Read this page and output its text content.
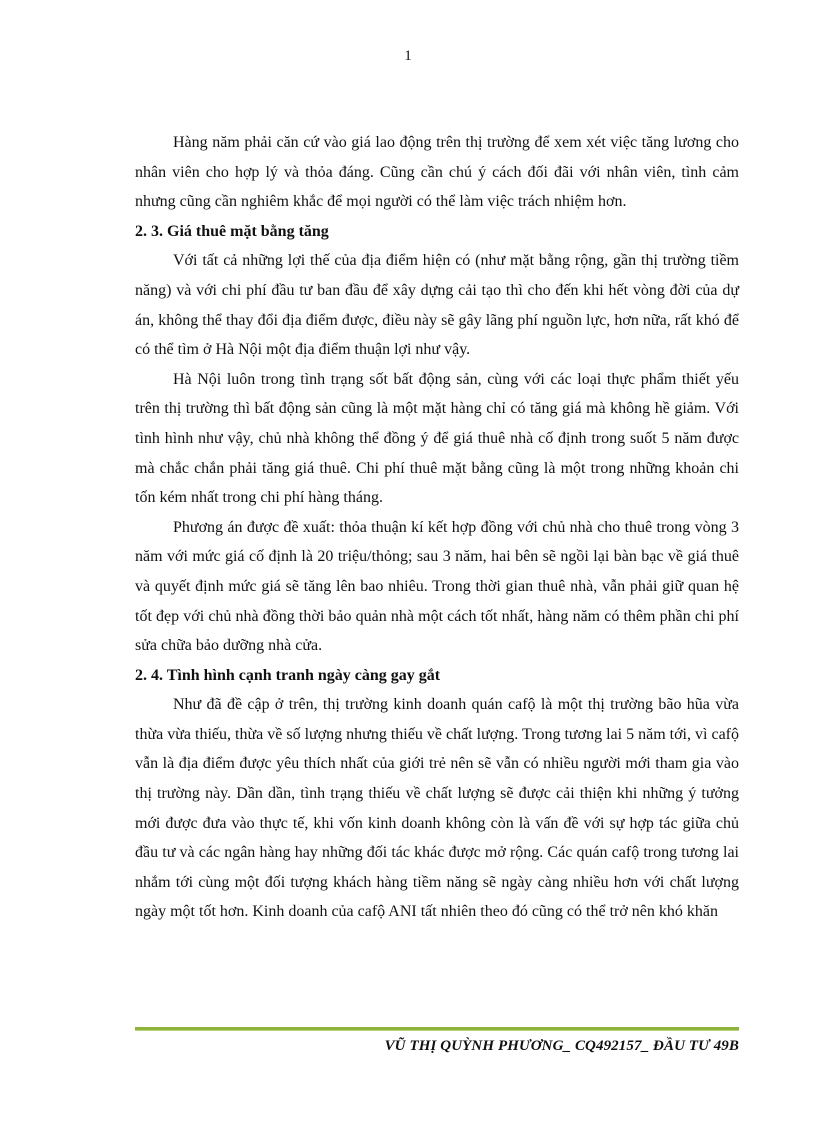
1

Hàng năm phải căn cứ vào giá lao động trên thị trường để xem xét việc tăng lương cho nhân viên cho hợp lý và thỏa đáng. Cũng cần chú ý cách đối đãi với nhân viên, tình cảm nhưng cũng cần nghiêm khắc để mọi người có thể làm việc trách nhiệm hơn.

2. 3. Giá thuê mặt bằng tăng

Với tất cả những lợi thế của địa điểm hiện có (như mặt bằng rộng, gần thị trường tiềm năng) và với chi phí đầu tư ban đầu để xây dựng cải tạo thì cho đến khi hết vòng đời của dự án, không thể thay đổi địa điểm được, điều này sẽ gây lãng phí nguồn lực, hơn nữa, rất khó để có thể tìm ở Hà Nội một địa điểm thuận lợi như vậy.

Hà Nội luôn trong tình trạng sốt bất động sản, cùng với các loại thực phẩm thiết yếu trên thị trường thì bất động sản cũng là một mặt hàng chỉ có tăng giá mà không hề giảm. Với tình hình như vậy, chủ nhà không thể đồng ý để giá thuê nhà cố định trong suốt 5 năm được mà chắc chắn phải tăng giá thuê. Chi phí thuê mặt bằng cũng là một trong những khoản chi tốn kém nhất trong chi phí hàng tháng.

Phương án được đề xuất: thỏa thuận kí kết hợp đồng với chủ nhà cho thuê trong vòng 3 năm với mức giá cố định là 20 triệu/thỏng; sau 3 năm, hai bên sẽ ngồi lại bàn bạc về giá thuê và quyết định mức giá sẽ tăng lên bao nhiêu. Trong thời gian thuê nhà, vẫn phải giữ quan hệ tốt đẹp với chủ nhà đồng thời bảo quản nhà một cách tốt nhất, hàng năm có thêm phần chi phí sửa chữa bảo dưỡng nhà cửa.

2. 4. Tình hình cạnh tranh ngày càng gay gắt

Như đã đề cập ở trên, thị trường kinh doanh quán cafộ là một thị trường bão hũa vừa thừa vừa thiếu, thừa về số lượng nhưng thiếu về chất lượng. Trong tương lai 5 năm tới, vì cafộ vẫn là địa điểm được yêu thích nhất của giới trẻ nên sẽ vẫn có nhiều người mới tham gia vào thị trường này. Dần dần, tình trạng thiếu về chất lượng sẽ được cải thiện khi những ý tưởng mới được đưa vào thực tế, khi vốn kinh doanh không còn là vấn đề với sự hợp tác giữa chủ đầu tư và các ngân hàng hay những đối tác khác được mở rộng. Các quán cafộ trong tương lai nhắm tới cùng một đối tượng khách hàng tiềm năng sẽ ngày càng nhiều hơn với chất lượng ngày một tốt hơn. Kinh doanh của cafộ ANI tất nhiên theo đó cũng có thể trở nên khó khăn

VŨ THỊ QUỲNH PHƯƠNG_ CQ492157_ ĐẦU TƯ 49B
